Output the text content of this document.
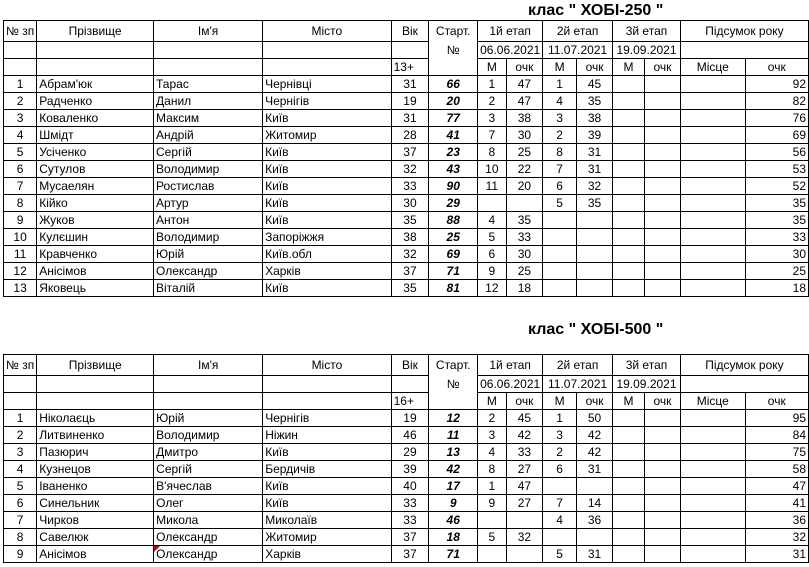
клас " ХОБІ-250 "
№ зп	Прізвище	Ім'я	Місто	Вік	Старт.	1й етап		2й етап		3й етап		Підсумок року	
					№	06.06.2021		11.07.2021		19.09.2021			
				13+		М	очк	М	очк	М	очк	Місце	очк
1	Абрам'юк	Тарас	Чернівці	31	66	1	47	1	45				92
2	Радченко	Данил	Чернігів	19	20	2	47	4	35				82
3	Коваленко	Максим	Київ	31	77	3	38	3	38				76
4	Шмідт	Андрій	Житомир	28	41	7	30	2	39				69
5	Усіченко	Сергій	Київ	37	23	8	25	8	31				56
6	Сутулов	Володимир	Київ	32	43	10	22	7	31				53
7	Мусаелян	Ростислав	Київ	33	90	11	20	6	32				52
8	Кійко	Артур	Київ	30	29			5	35				35
9	Жуков	Антон	Київ	35	88	4	35						35
10	Кулєшин	Володимир	Запоріжжя	38	25	5	33						33
11	Кравченко	Юрій	Київ.обл	32	69	6	30						30
12	Анісімов	Олександр	Харків	37	71	9	25						25
13	Яковець	Віталій	Київ	35	81	12	18						18
клас " ХОБІ-500 "
№ зп	Прізвище	Ім'я	Місто	Вік	Старт.	1й етап		2й етап		3й етап		Підсумок року	
					№	06.06.2021		11.07.2021		19.09.2021			
				16+		М	очк	М	очк	М	очк	Місце	очк
1	Ніколаєць	Юрій	Чернігів	19	12	2	45	1	50				95
2	Литвиненко	Володимир	Ніжин	46	11	3	42	3	42				84
3	Пазюрич	Дмитро	Київ	29	13	4	33	2	42				75
4	Кузнецов	Сергій	Бердичів	39	42	8	27	6	31				58
5	Іваненко	В'ячеслав	Київ	40	17	1	47						47
6	Синельник	Олег	Київ	33	9	9	27	7	14				41
7	Чирков	Микола	Миколаїв	33	46			4	36				36
8	Савелюк	Олександр	Житомир	37	18	5	32						32
9	Анісімов	Олександр	Харків	37	71			5	31				31
